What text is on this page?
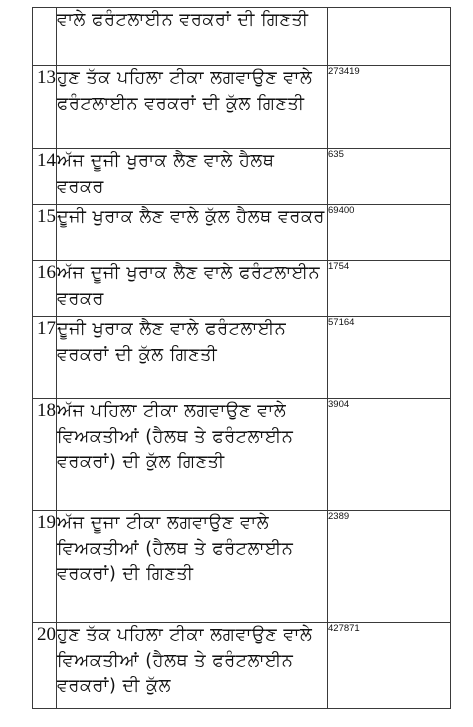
	ਵਾਲੇ ਫਰੰਟਲਾਈਨ ਵਰਕਰਾਂ ਦੀ ਗਿਣਤੀ	
13	ਹੁਣ ਤੱਕ ਪਹਿਲਾ ਟੀਕਾ ਲਗਵਾਉਣ ਵਾਲੇ ਫਰੰਟਲਾਈਨ ਵਰਕਰਾਂ ਦੀ ਕੁੱਲ ਗਿਣਤੀ	273419
14	ਅੱਜ ਦੂਜੀ ਖੁਰਾਕ ਲੈਣ ਵਾਲੇ ਹੈਲਥ ਵਰਕਰ	635
15	ਦੂਜੀ ਖੁਰਾਕ ਲੈਣ ਵਾਲੇ ਕੁੱਲ ਹੈਲਥ ਵਰਕਰ	69400
16	ਅੱਜ ਦੂਜੀ ਖੁਰਾਕ ਲੈਣ ਵਾਲੇ ਫਰੰਟਲਾਈਨ ਵਰਕਰ	1754
17	ਦੂਜੀ ਖੁਰਾਕ ਲੈਣ ਵਾਲੇ ਫਰੰਟਲਾਈਨ ਵਰਕਰਾਂ ਦੀ ਕੁੱਲ ਗਿਣਤੀ	57164
18	ਅੱਜ ਪਹਿਲਾ ਟੀਕਾ ਲਗਵਾਉਣ ਵਾਲੇ ਵਿਅਕਤੀਆਂ (ਹੈਲਥ ਤੇ ਫਰੰਟਲਾਈਨ ਵਰਕਰਾਂ) ਦੀ ਕੁੱਲ ਗਿਣਤੀ	3904
19	ਅੱਜ ਦੂਜਾ ਟੀਕਾ ਲਗਵਾਉਣ ਵਾਲੇ ਵਿਅਕਤੀਆਂ (ਹੈਲਥ ਤੇ ਫਰੰਟਲਾਈਨ ਵਰਕਰਾਂ) ਦੀ ਗਿਣਤੀ	2389
20	ਹੁਣ ਤੱਕ ਪਹਿਲਾ ਟੀਕਾ ਲਗਵਾਉਣ ਵਾਲੇ ਵਿਅਕਤੀਆਂ (ਹੈਲਥ ਤੇ ਫਰੰਟਲਾਈਨ ਵਰਕਰਾਂ) ਦੀ ਕੁੱਲ	427871
